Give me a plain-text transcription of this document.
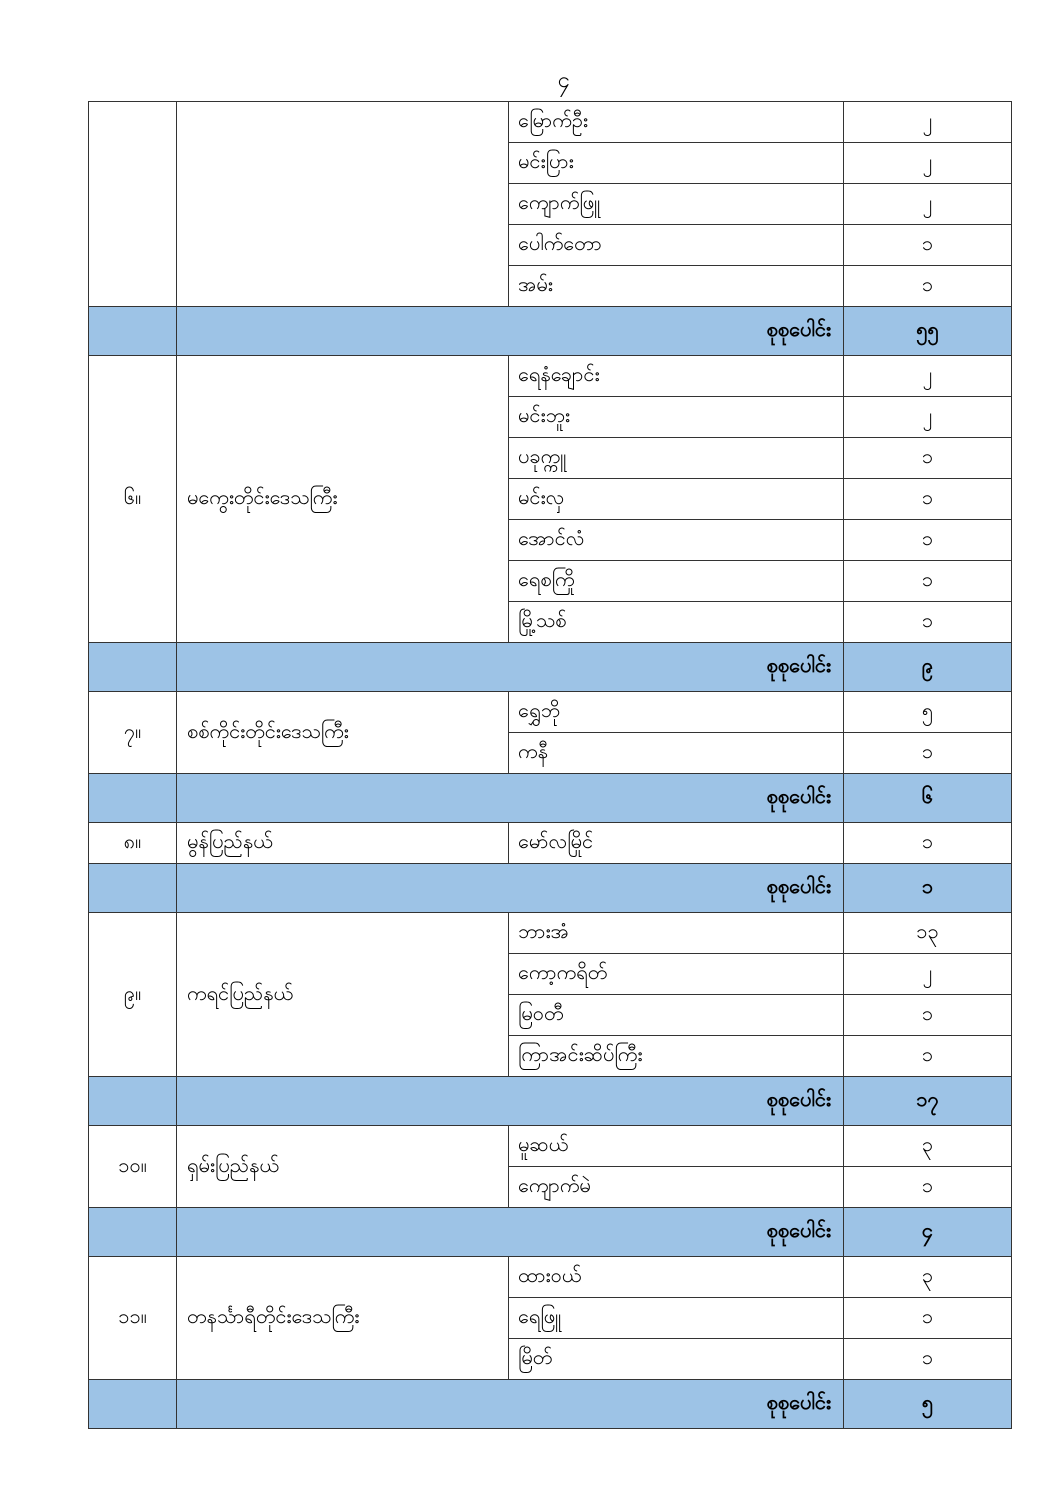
၄
		မြောက်ဦး	၂
		မင်းပြား	၂
		ကျောက်ဖြူ	၂
		ပေါက်တော	၁
		အမ်း	၁
	စုစုပေါင်း		၅၅
၆။	မကွေးတိုင်းဒေသကြီး	ရေနံချောင်း	၂
		မင်းဘူး	၂
		ပခုက္ကူ	၁
		မင်းလှ	၁
		အောင်လံ	၁
		ရေစကြို	၁
		မြို့သစ်	၁
	စုစုပေါင်း		၉
၇။	စစ်ကိုင်းတိုင်းဒေသကြီး	ရွှေဘို	၅
		ကနီ	၁
	စုစုပေါင်း		၆
၈။	မွန်ပြည်နယ်	မော်လမြိုင်	၁
	စုစုပေါင်း		၁
၉။	ကရင်ပြည်နယ်	ဘားအံ	၁၃
		ကော့ကရိတ်	၂
		မြဝတီ	၁
		ကြာအင်းဆိပ်ကြီး	၁
	စုစုပေါင်း		၁၇
၁၀။	ရှမ်းပြည်နယ်	မူဆယ်	၃
		ကျောက်မဲ	၁
	စုစုပေါင်း		၄
၁၁။	တနင်္သာရီတိုင်းဒေသကြီး	ထားဝယ်	၃
		ရေဖြူ	၁
		မြိတ်	၁
	စုစုပေါင်း		၅
